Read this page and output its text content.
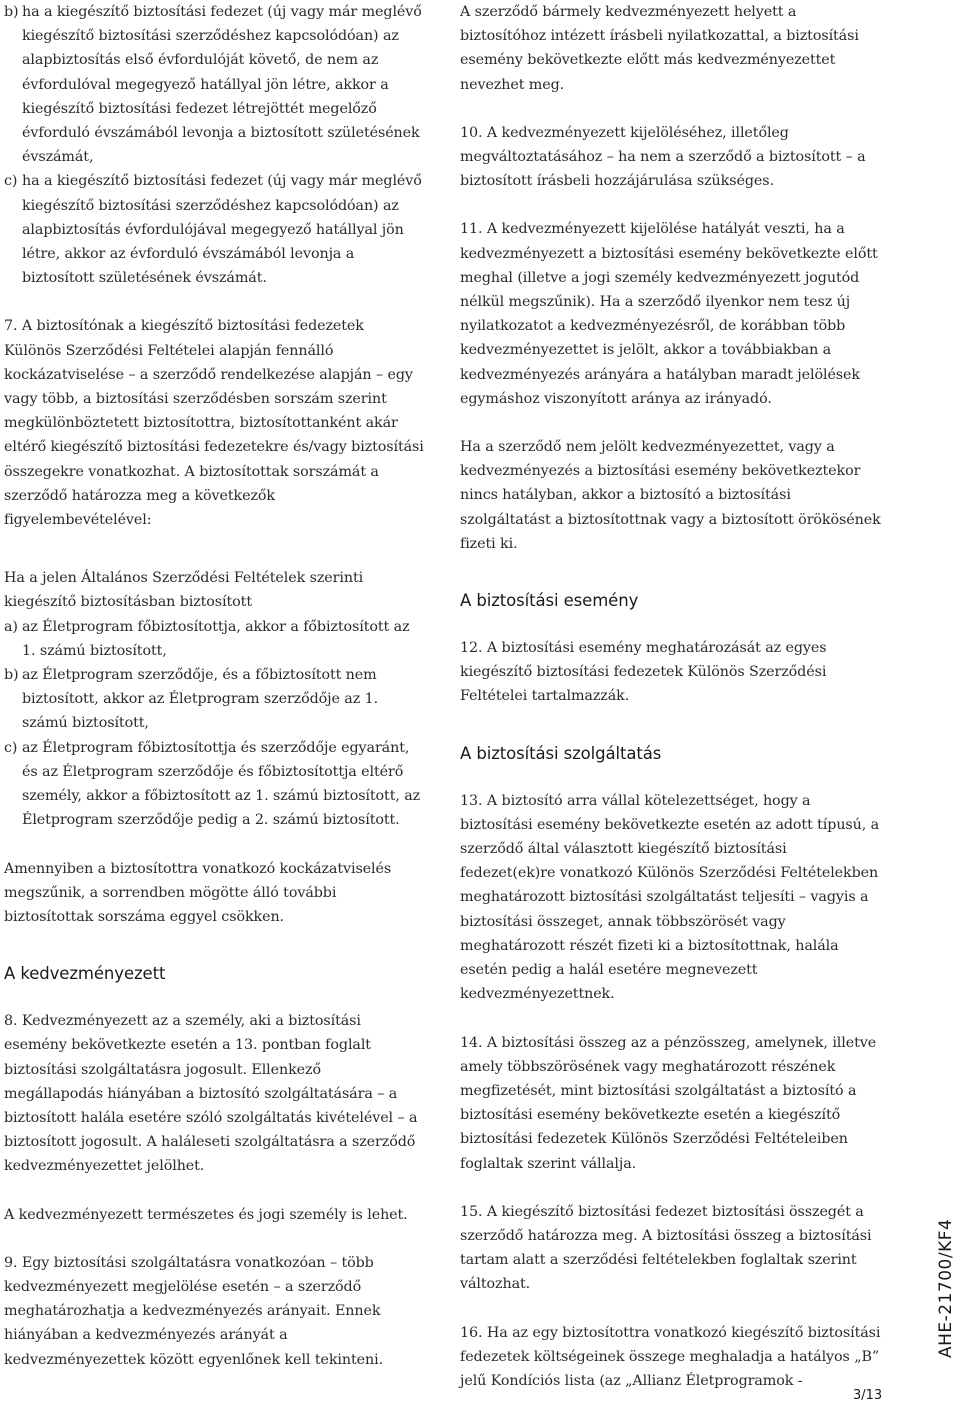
b) ha a kiegészítő biztosítási fedezet (új vagy már meglévő kiegészítő biztosítási szerződéshez kapcsolódóan) az alapbiztosítás első évfordulóját követő, de nem az évfordulóval megegyező hatállyal jön létre, akkor a kiegészítő biztosítási fedezet létrejöttét megelőző évforduló évszámából levonja a biztosított születésének évszámát,
c) ha a kiegészítő biztosítási fedezet (új vagy már meglévő kiegészítő biztosítási szerződéshez kapcsolódóan) az alapbiztosítás évfordulójával megegyező hatállyal jön létre, akkor az évforduló évszámából levonja a biztosított születésének évszámát.

7. A biztosítónak a kiegészítő biztosítási fedezetek Különös Szerződési Feltételei alapján fennálló kockázatviselése – a szerződő rendelkezése alapján – egy vagy több, a biztosítási szerződésben sorszám szerint megkülönböztetett biztosítottra, biztosítottanként akár eltérő kiegészítő biztosítási fedezetekre és/vagy biztosítási összegekre vonatkozhat. A biztosítottak sorszámát a szerződő határozza meg a következők figyelembevételével:

Ha a jelen Általános Szerződési Feltételek szerinti kiegészítő biztosításban biztosított

a) az Életprogram főbiztosítottja, akkor a főbiztosított az 1. számú biztosított,
b) az Életprogram szerződője, és a főbiztosított nem biztosított, akkor az Életprogram szerződője az 1. számú biztosított,
c) az Életprogram főbiztosítottja és szerződője egyaránt, és az Életprogram szerződője és főbiztosítottja eltérő személy, akkor a főbiztosított az 1. számú biztosított, az Életprogram szerződője pedig a 2. számú biztosított.

Amennyiben a biztosítottra vonatkozó kockázatviselés megszűnik, a sorrendben mögötte álló további biztosítottak sorszáma eggyel csökken.

A kedvezményezett

8. Kedvezményezett az a személy, aki a biztosítási esemény bekövetkezte esetén a 13. pontban foglalt biztosítási szolgáltatásra jogosult. Ellenkező megállapodás hiányában a biztosító szolgáltatására – a biztosított halála esetére szóló szolgáltatás kivételével – a biztosított jogosult. A haláleseti szolgáltatásra a szerződő kedvezményezettet jelölhet.

A kedvezményezett természetes és jogi személy is lehet.

9. Egy biztosítási szolgáltatásra vonatkozóan – több kedvezményezett megjelölése esetén – a szerződő meghatározhatja a kedvezményezés arányait. Ennek hiányában a kedvezményezés arányát a kedvezményezettek között egyenlőnek kell tekinteni.

A szerződő bármely kedvezményezett helyett a biztosítóhoz intézett írásbeli nyilatkozattal, a biztosítási esemény bekövetkezte előtt más kedvezményezettet nevezhet meg.

10. A kedvezményezett kijelöléséhez, illetőleg megváltoztatásához – ha nem a szerződő a biztosított – a biztosított írásbeli hozzájárulása szükséges.

11. A kedvezményezett kijelölése hatályát veszti, ha a kedvezményezett a biztosítási esemény bekövetkezte előtt meghal (illetve a jogi személy kedvezményezett jogutód nélkül megszűnik). Ha a szerződő ilyenkor nem tesz új nyilatkozatot a kedvezményezésről, de korábban több kedvezményezettet is jelölt, akkor a továbbiakban a kedvezményezés arányára a hatályban maradt jelölések egymáshoz viszonyított aránya az irányadó.

Ha a szerződő nem jelölt kedvezményezettet, vagy a kedvezményezés a biztosítási esemény bekövetkeztekor nincs hatályban, akkor a biztosító a biztosítási szolgáltatást a biztosítottnak vagy a biztosított örökösének fizeti ki.

A biztosítási esemény

12. A biztosítási esemény meghatározását az egyes kiegészítő biztosítási fedezetek Különös Szerződési Feltételei tartalmazzák.

A biztosítási szolgáltatás

13. A biztosító arra vállal kötelezettséget, hogy a biztosítási esemény bekövetkezte esetén az adott típusú, a szerződő által választott kiegészítő biztosítási fedezet(ek)re vonatkozó Különös Szerződési Feltételekben meghatározott biztosítási szolgáltatást teljesíti – vagyis a biztosítási összeget, annak többszörösét vagy meghatározott részét fizeti ki a biztosítottnak, halála esetén pedig a halál esetére megnevezett kedvezményezettnek.

14. A biztosítási összeg az a pénzösszeg, amelynek, illetve amely többszörösének vagy meghatározott részének megfizetését, mint biztosítási szolgáltatást a biztosító a biztosítási esemény bekövetkezte esetén a kiegészítő biztosítási fedezetek Különös Szerződési Feltételeiben foglaltak szerint vállalja.

15. A kiegészítő biztosítási fedezet biztosítási összegét a szerződő határozza meg. A biztosítási összeg a biztosítási tartam alatt a szerződési feltételekben foglaltak szerint változhat.

16. Ha az egy biztosítottra vonatkozó kiegészítő biztosítási fedezetek költségeinek összege meghaladja a hatályos „B” jelű Kondíciós lista (az „Allianz Életprogramok -

AHE-21700/KF4
3/13
